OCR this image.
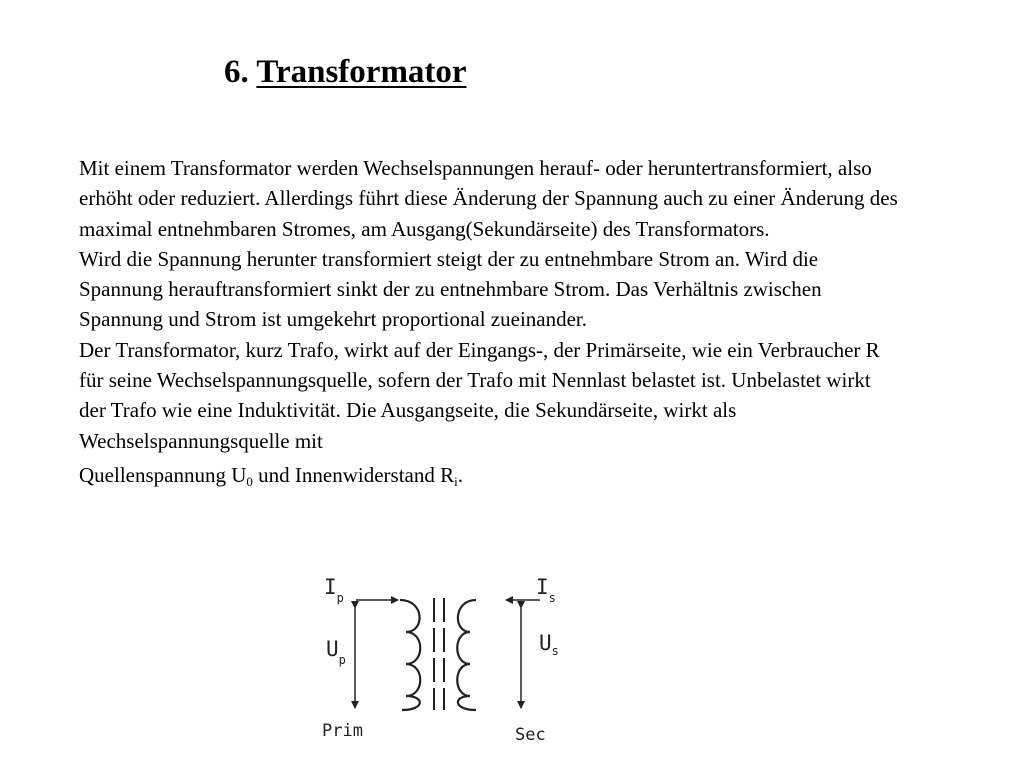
6. Transformator

Mit einem Transformator werden Wechselspannungen herauf- oder heruntertransformiert, also erhöht oder reduziert. Allerdings führt diese Änderung der Spannung auch zu einer Änderung des maximal entnehmbaren Stromes, am Ausgang(Sekundärseite) des Transformators.

Wird die Spannung herunter transformiert steigt der zu entnehmbare Strom an. Wird die Spannung herauftransformiert sinkt der zu entnehmbare Strom. Das Verhältnis zwischen Spannung und Strom ist umgekehrt proportional zueinander.

Der Transformator, kurz Trafo, wirkt auf der Eingangs-, der Primärseite, wie ein Verbraucher R für seine Wechselspannungsquelle, sofern der Trafo mit Nennlast belastet ist. Unbelastet wirkt der Trafo wie eine Induktivität. Die Ausgangseite, die Sekundärseite, wirkt als Wechselspannungsquelle mit

Quellenspannung $U_0$ und Innenwiderstand $R_i$.

$I_p$
$U_p$
$I_s$
$U_s$
Prim	Sec
